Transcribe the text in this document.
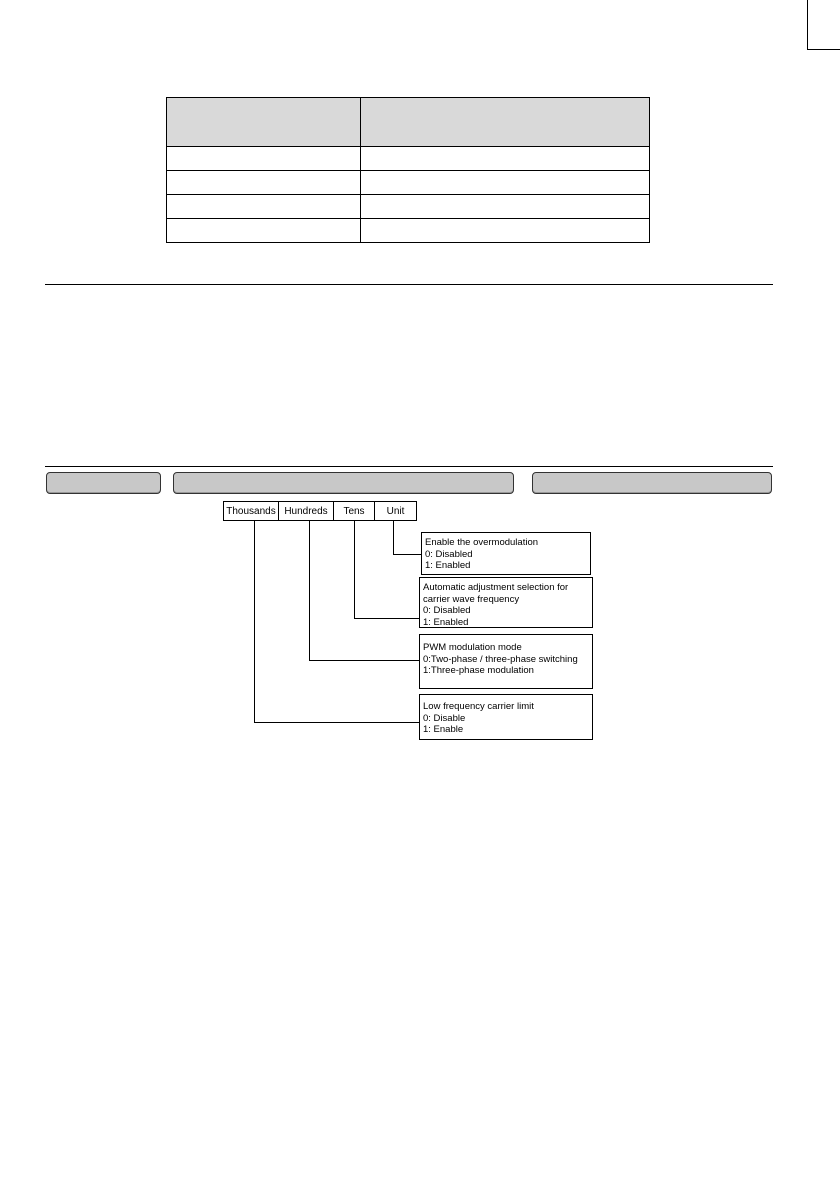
Thousands Hundreds	Tens	Unit
Enable the overmodulation
0: Disabled
1: Enabled
Automatic adjustment selection for
carrier wave frequency
0: Disabled
1: Enabled
PWM modulation mode
0:Two-phase / three-phase switching
1:Three-phase modulation
Low frequency carrier limit
0: Disable
1: Enable
